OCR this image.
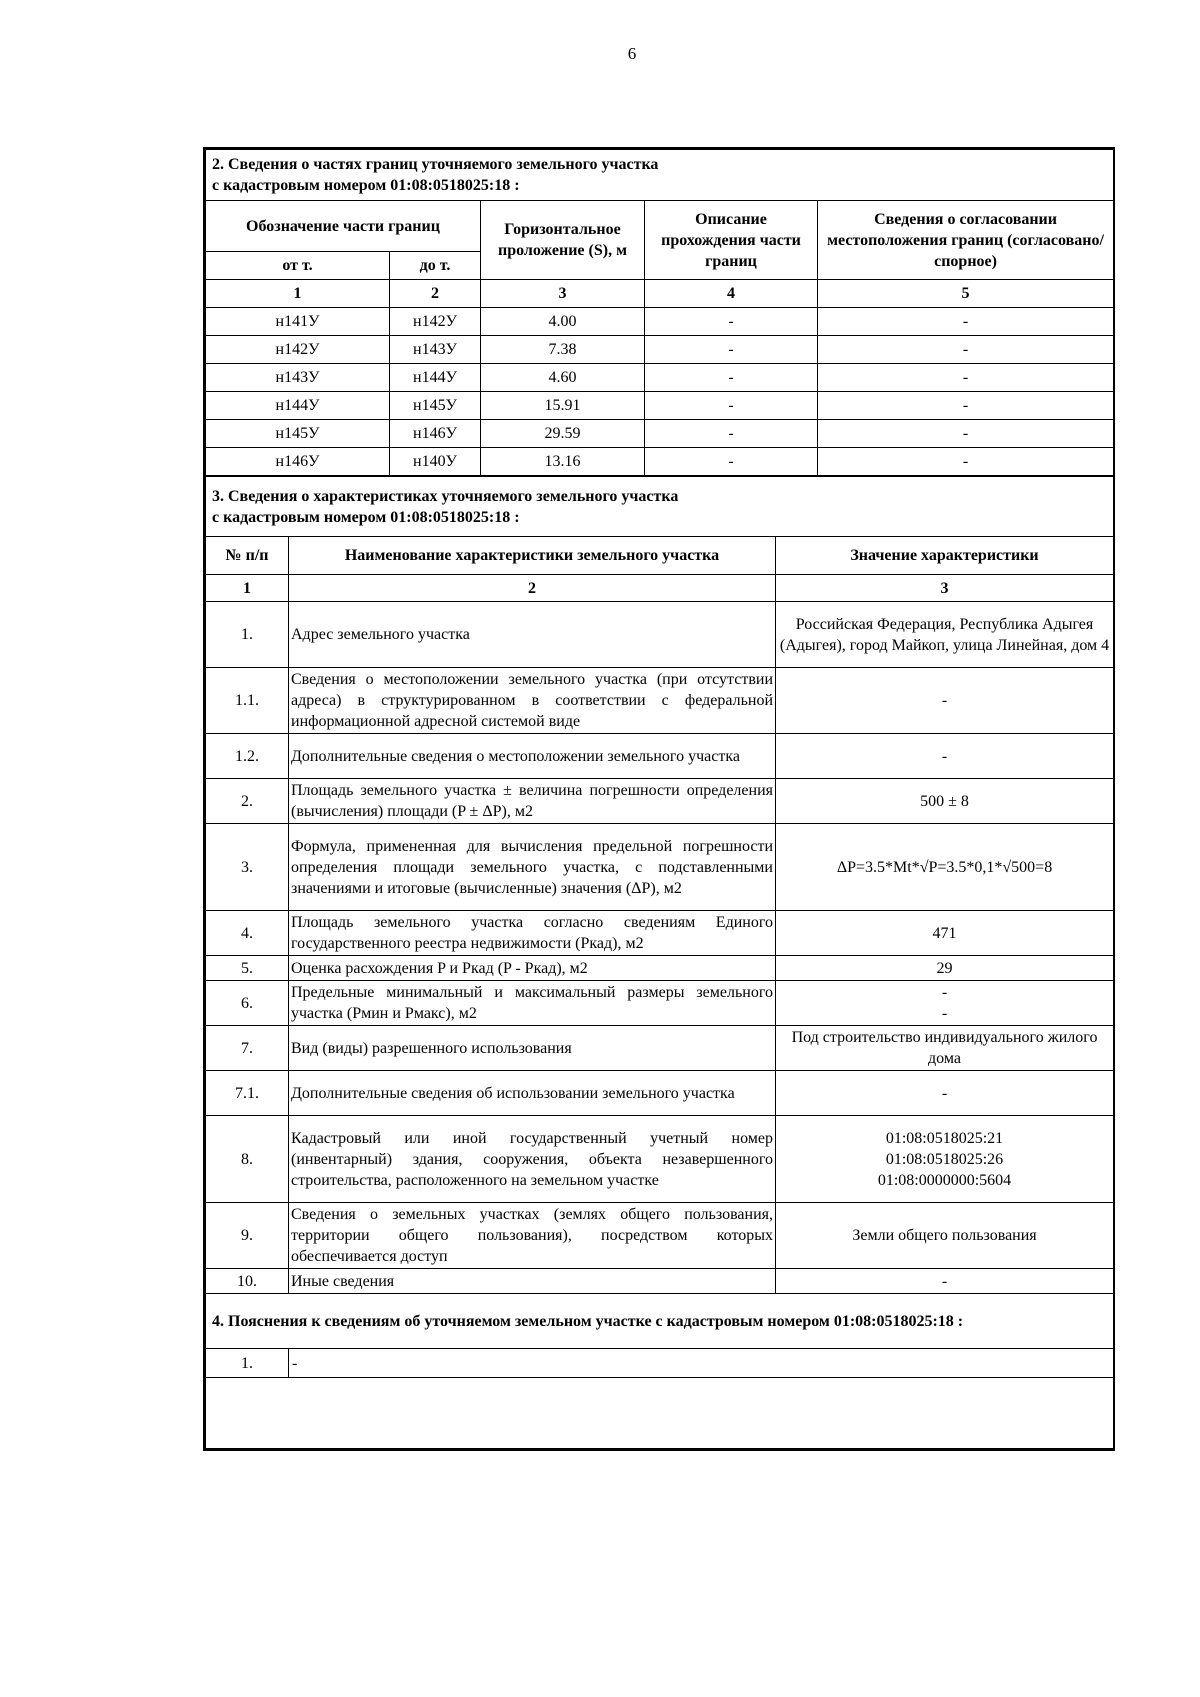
6
2. Сведения о частях границ уточняемого земельного участка
с кадастровым номером 01:08:0518025:18 :				

Обозначение части границ		Горизонтальное проложение (S), м	Описание прохождения части границ	Сведения о согласовании местоположения границ (согласовано/спорное)
от т.	до т.			
1	2	3	4	5
н141У	н142У	4.00	-	-
н142У	н143У	7.38	-	-
н143У	н144У	4.60	-	-
н144У	н145У	15.91	-	-
н145У	н146У	29.59	-	-
н146У	н140У	13.16	-	-
3. Сведения о характеристиках уточняемого земельного участка
с кадастровым номером 01:08:0518025:18 :		

№ п/п	Наименование характеристики земельного участка	Значение характеристики
1	2	3
1.	Адрес земельного участка	Российская Федерация, Республика Адыгея (Адыгея), город Майкоп, улица Линейная, дом 4
1.1.	Сведения о местоположении земельного участка (при отсутствии адреса) в структурированном в соответствии с федеральной информационной адресной системой виде	-
1.2.	Дополнительные сведения о местоположении земельного участка	-
2.	Площадь земельного участка ± величина погрешности определения (вычисления) площади (P ± ΔP), м2	500 ± 8
3.	Формула, примененная для вычисления предельной погрешности определения площади земельного участка, с подставленными значениями и итоговые (вычисленные) значения (ΔP), м2	ΔP=3.5*Mt*√P=3.5*0,1*√500=8
4.	Площадь земельного участка согласно сведениям Единого государственного реестра недвижимости (Ркад), м2	471
5.	Оценка расхождения P и Ркад (P - Ркад), м2	29
6.	Предельные минимальный и максимальный размеры земельного участка (Рмин и Рмакс), м2	-
-

7.	Вид (виды) разрешенного использования	Под строительство индивидуального жилого дома
7.1.	Дополнительные сведения об использовании земельного участка	-
8.	Кадастровый или иной государственный учетный номер (инвентарный) здания, сооружения, объекта незавершенного строительства, расположенного на земельном участке	01:08:0518025:21
01:08:0518025:26
01:08:0000000:5604

9.	Сведения о земельных участках (землях общего пользования, территории общего пользования), посредством которых обеспечивается доступ	Земли общего пользования
10.	Иные сведения	-
4. Пояснения к сведениям об уточняемом земельном участке с кадастровым номером 01:08:0518025:18 :		
1.	-	
